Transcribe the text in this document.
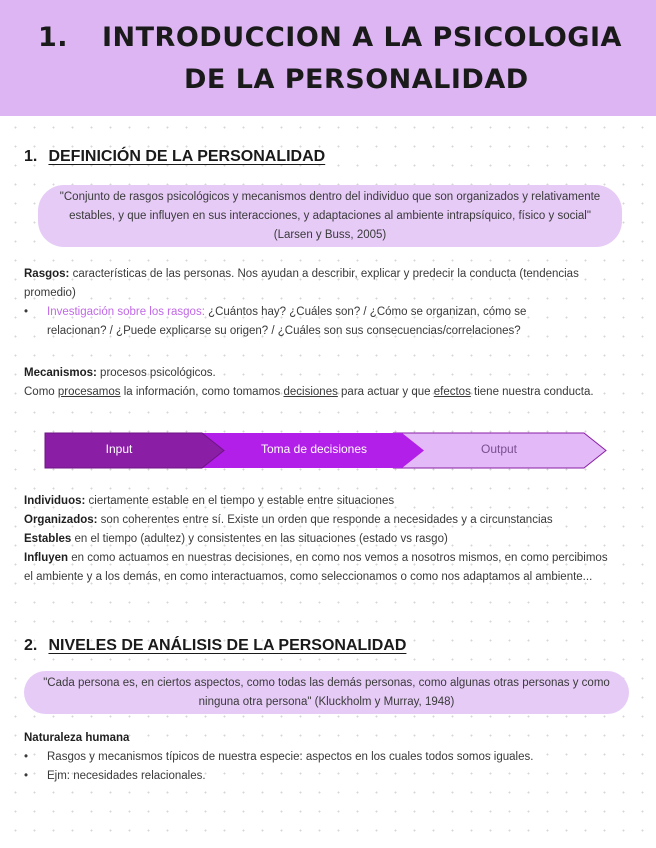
1. INTRODUCCION A LA PSICOLOGIA
DE LA PERSONALIDAD
1. DEFINICIÓN DE LA PERSONALIDAD
"Conjunto de rasgos psicológicos y mecanismos dentro del individuo que son organizados y relativamente estables, y que influyen en sus interacciones, y adaptaciones al ambiente intrapsíquico, físico y social" (Larsen y Buss, 2005)
Rasgos: características de las personas. Nos ayudan a describir, explicar y predecir la conducta (tendencias promedio)
• Investigación sobre los rasgos: ¿Cuántos hay? ¿Cuáles son? / ¿Cómo se organizan, cómo se relacionan? / ¿Puede explicarse su origen? / ¿Cuáles son sus consecuencias/correlaciones?
Mecanismos: procesos psicológicos.
Como procesamos la información, como tomamos decisiones para actuar y que efectos tiene nuestra conducta.
Input	Toma de decisiones	Output
Individuos: ciertamente estable en el tiempo y estable entre situaciones
Organizados: son coherentes entre sí. Existe un orden que responde a necesidades y a circunstancias
Estables en el tiempo (adultez) y consistentes en las situaciones (estado vs rasgo)
Influyen en como actuamos en nuestras decisiones, en como nos vemos a nosotros mismos, en como percibimos el ambiente y a los demás, en como interactuamos, como seleccionamos o como nos adaptamos al ambiente...
2. NIVELES DE ANÁLISIS DE LA PERSONALIDAD
"Cada persona es, en ciertos aspectos, como todas las demás personas, como algunas otras personas y como ninguna otra persona" (Kluckholm y Murray, 1948)
Naturaleza humana
• Rasgos y mecanismos típicos de nuestra especie: aspectos en los cuales todos somos iguales.
• Ejm: necesidades relacionales.
